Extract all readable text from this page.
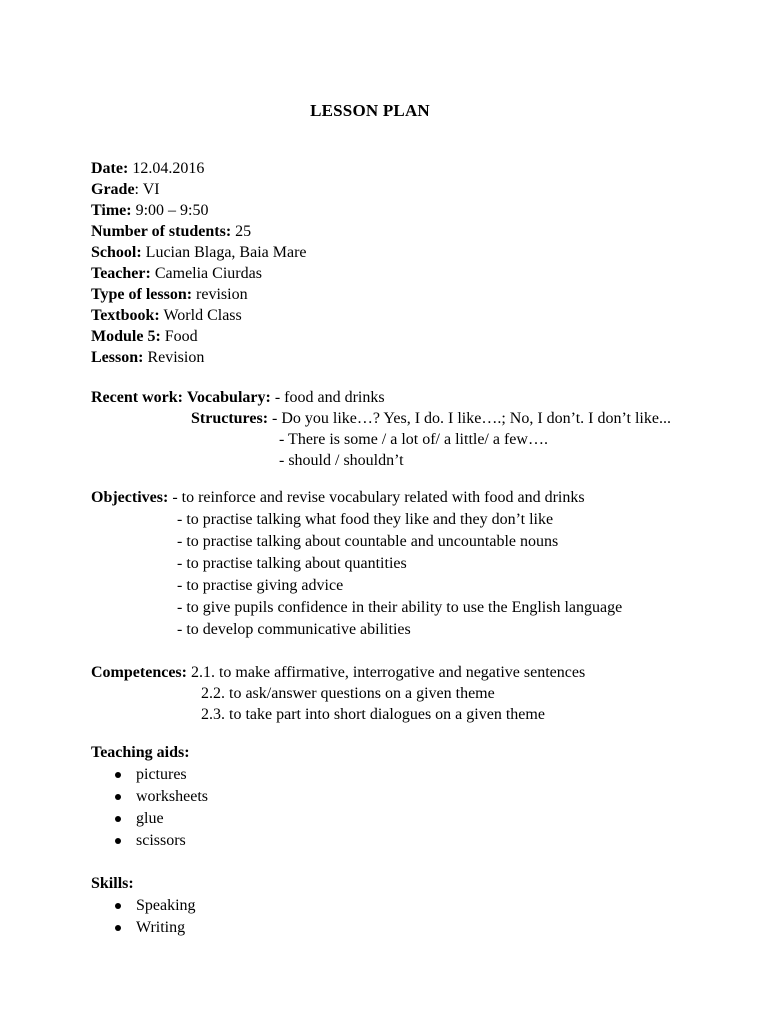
LESSON PLAN
Date: 12.04.2016
Grade: VI
Time: 9:00 – 9:50
Number of students: 25
School: Lucian Blaga, Baia Mare
Teacher: Camelia Ciurdas
Type of lesson: revision
Textbook: World Class
Module 5: Food
Lesson: Revision
Recent work: Vocabulary: - food and drinks
Structures: - Do you like…? Yes, I do. I like….; No, I don’t. I don’t like...
- There is some / a lot of/ a little/ a few….
- should / shouldn’t
Objectives: - to reinforce and revise vocabulary related with food and drinks
- to practise talking what food they like and they don’t like
- to practise talking about countable and uncountable nouns
- to practise talking about quantities
- to practise giving advice
- to give pupils confidence in their ability to use the English language
- to develop communicative abilities
Competences: 2.1. to make affirmative, interrogative and negative sentences
2.2. to ask/answer questions on a given theme
2.3. to take part into short dialogues on a given theme
Teaching aids:
pictures
worksheets
glue
scissors
Skills:
Speaking
Writing
